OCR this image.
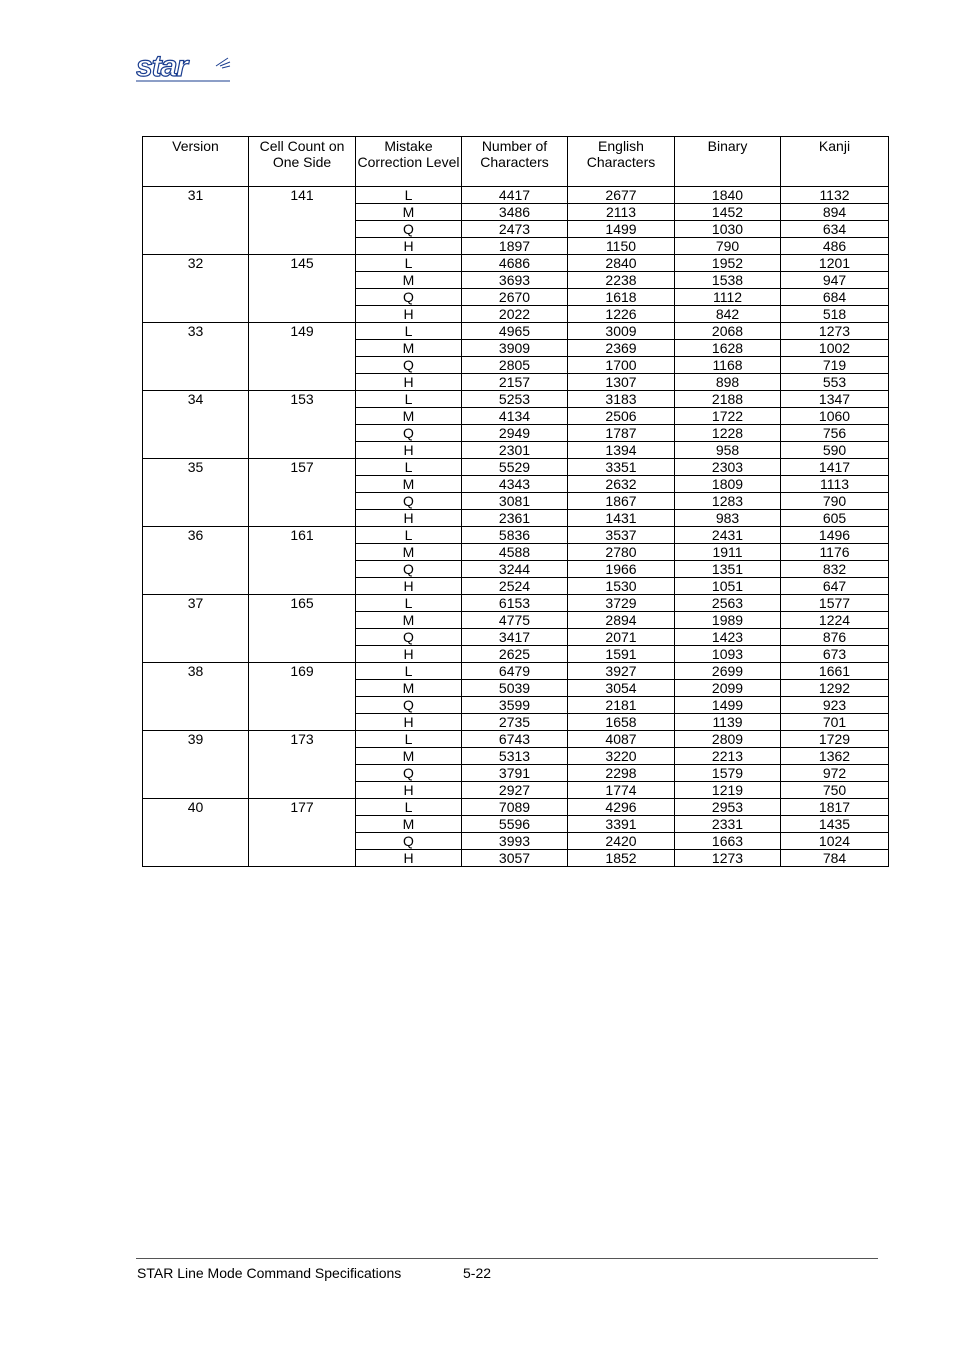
star
Version	Cell Count on One Side	Mistake Correction Level	Number of Characters	English Characters	Binary	Kanji
31	141	L	4417	2677	1840	1132
		M	3486	2113	1452	894
		Q	2473	1499	1030	634
		H	1897	1150	790	486
32	145	L	4686	2840	1952	1201
		M	3693	2238	1538	947
		Q	2670	1618	1112	684
		H	2022	1226	842	518
33	149	L	4965	3009	2068	1273
		M	3909	2369	1628	1002
		Q	2805	1700	1168	719
		H	2157	1307	898	553
34	153	L	5253	3183	2188	1347
		M	4134	2506	1722	1060
		Q	2949	1787	1228	756
		H	2301	1394	958	590
35	157	L	5529	3351	2303	1417
		M	4343	2632	1809	1113
		Q	3081	1867	1283	790
		H	2361	1431	983	605
36	161	L	5836	3537	2431	1496
		M	4588	2780	1911	1176
		Q	3244	1966	1351	832
		H	2524	1530	1051	647
37	165	L	6153	3729	2563	1577
		M	4775	2894	1989	1224
		Q	3417	2071	1423	876
		H	2625	1591	1093	673
38	169	L	6479	3927	2699	1661
		M	5039	3054	2099	1292
		Q	3599	2181	1499	923
		H	2735	1658	1139	701
39	173	L	6743	4087	2809	1729
		M	5313	3220	2213	1362
		Q	3791	2298	1579	972
		H	2927	1774	1219	750
40	177	L	7089	4296	2953	1817
		M	5596	3391	2331	1435
		Q	3993	2420	1663	1024
		H	3057	1852	1273	784
STAR Line Mode Command Specifications	5-22
